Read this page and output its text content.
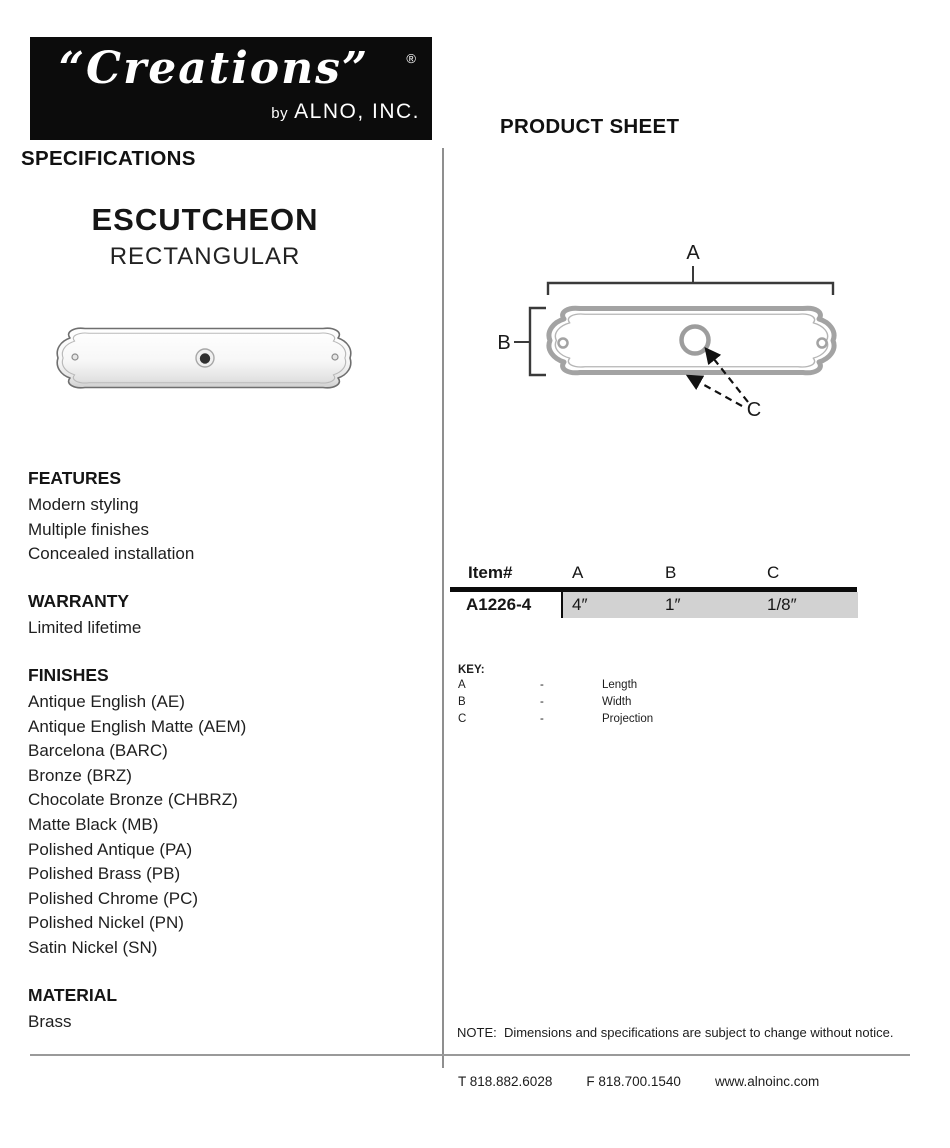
“Creations”	®
by ALNO, INC.
SPECIFICATIONS
ESCUTCHEON
RECTANGULAR
FEATURES
Modern styling
Multiple finishes
Concealed installation
WARRANTY
Limited lifetime
FINISHES
Antique English (AE)
Antique English Matte (AEM)
Barcelona (BARC)
Bronze (BRZ)
Chocolate Bronze (CHBRZ)
Matte Black (MB)
Polished Antique (PA)
Polished Brass (PB)
Polished Chrome (PC)
Polished Nickel (PN)
Satin Nickel (SN)
MATERIAL
Brass
PRODUCT SHEET
A
B
C
Item#	A	B	C
A1226-4 4″	1″	1/8″
KEY:
A	-	Length
B	-	Width
C	-	Projection
NOTE:  Dimensions and specifications are subject to change without notice.
T 818.882.6028	F 818.700.1540	www.alnoinc.com
